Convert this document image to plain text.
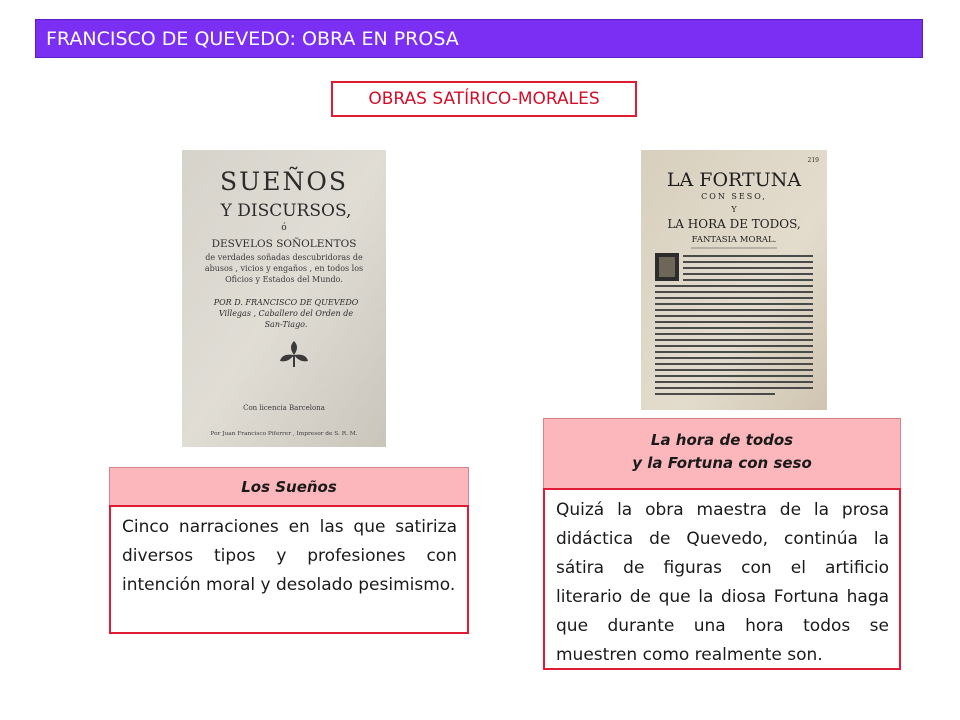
FRANCISCO DE QUEVEDO: OBRA EN PROSA
OBRAS SATÍRICO-MORALES
SUEÑOS
Y DISCURSOS,
ó
DESVELOS SOÑOLENTOS
de verdades soñadas descubridoras de
abusos , vicios y engaños , en todos los
Oficios y Estados del Mundo.
POR D. FRANCISCO DE QUEVEDO
Villegas , Caballero del Orden de
San-Tiago.
Con licencia Barcelona
Por Juan Francisco Piferrer , Impresor de S. R. M.
219
LA FORTUNA
CON SESO,
Y
LA HORA DE TODOS,
FANTASIA MORAL.
Los Sueños
Cinco narraciones en las que satiriza diversos tipos y profesiones con intención moral y desolado pesimismo.
La hora de todos
y la Fortuna con seso
Quizá la obra maestra de la prosa didáctica de Quevedo, continúa la sátira de figuras con el artificio literario de que la diosa Fortuna haga que durante una hora todos se muestren como realmente son.
